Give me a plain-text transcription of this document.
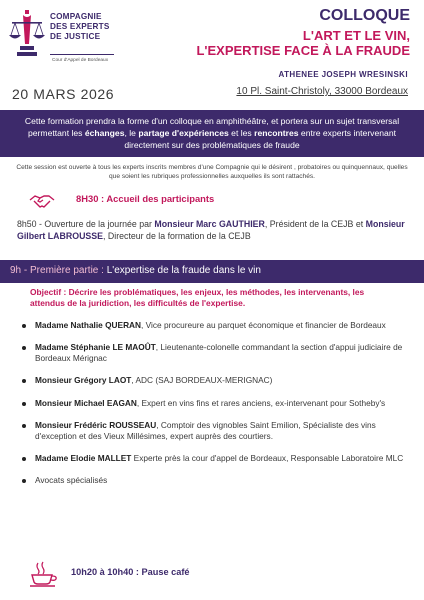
COMPAGNIE
DES EXPERTS
DE JUSTICE
Cour d'Appel de Bordeaux
COLLOQUE
L'ART ET LE VIN,
L'EXPERTISE FACE À LA FRAUDE
ATHENEE JOSEPH WRESINSKI
20 MARS 2026	10 Pl. Saint-Christoly, 33000 Bordeaux
Cette formation prendra la forme d'un colloque en amphithéâtre, et portera sur un sujet transversal permettant les échanges, le partage d'expériences et les rencontres entre experts intervenant directement sur des problématiques de fraude
Cette session est ouverte à tous les experts inscrits membres d'une Compagnie qui le désirent , probatoires ou quinquennaux, quelles que soient les rubriques professionnelles auxquelles ils sont rattachés.
8H30 : Accueil des participants
8h50 - Ouverture de la journée par Monsieur Marc GAUTHIER, Président de la CEJB et Monsieur Gilbert LABROUSSE, Directeur de la formation de la CEJB
9h - Première partie : L'expertise de la fraude dans le vin
Objectif : Décrire les problématiques, les enjeux, les méthodes, les intervenants, les attendus de la juridiction, les difficultés de l'expertise.
Madame Nathalie QUERAN, Vice procureure au parquet économique et financier de Bordeaux
Madame Stéphanie LE MAOÛT, Lieutenante-colonelle commandant la section d'appui judiciaire de Bordeaux Mérignac
Monsieur Grégory LAOT, ADC (SAJ BORDEAUX-MERIGNAC)
Monsieur Michael EAGAN, Expert en vins fins et rares anciens, ex-intervenant pour Sotheby's
Monsieur Frédéric ROUSSEAU, Comptoir des vignobles Saint Emilion, Spécialiste des vins d'exception et des Vieux Millésimes, expert auprès des courtiers.
Madame Elodie MALLET Experte près la cour d'appel de Bordeaux, Responsable Laboratoire MLC
Avocats spécialisés
10h20 à 10h40 : Pause café
